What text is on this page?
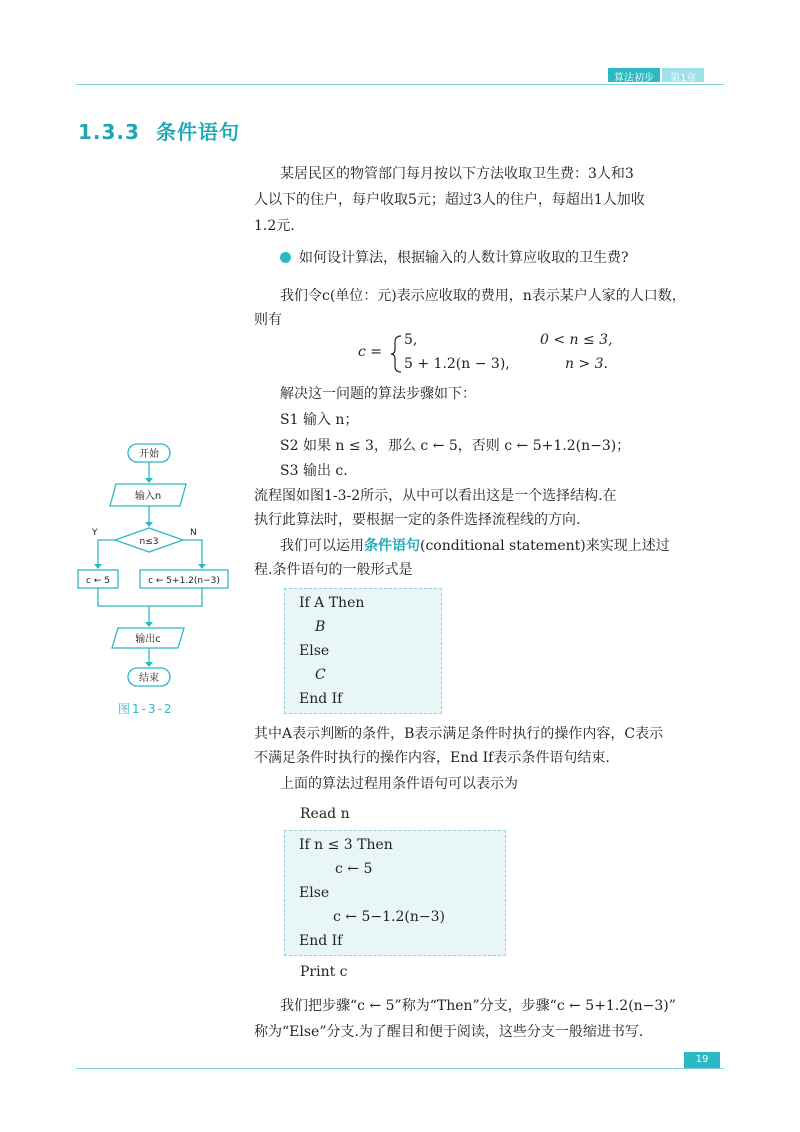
算法初步	第1章
1.3.3 条件语句
某居民区的物管部门每月按以下方法收取卫生费：3人和3
人以下的住户，每户收取5元；超过3人的住户，每超出1人加收
1.2元.
如何设计算法，根据输入的人数计算应收取的卫生费?
我们令c(单位：元)表示应收取的费用，n表示某户人家的人口数，
则有
c =
5,	0 < n ≤ 3,
5 + 1.2(n − 3),	n > 3.
解决这一问题的算法步骤如下：
S1 输入 n；
S2 如果 n ≤ 3，那么 c ← 5，否则 c ← 5+1.2(n−3)；
S3 输出 c.
流程图如图1-3-2所示，从中可以看出这是一个选择结构.在
执行此算法时，要根据一定的条件选择流程线的方向.
我们可以运用条件语句(conditional statement)来实现上述过
程.条件语句的一般形式是
If A Then
B
Else
C
End If
其中A表示判断的条件，B表示满足条件时执行的操作内容，C表示
不满足条件时执行的操作内容，End If表示条件语句结束.
上面的算法过程用条件语句可以表示为
Read n
If n ≤ 3 Then
c ← 5
Else
c ← 5−1.2(n−3)
End If
Print c
我们把步骤“c ← 5”称为“Then”分支，步骤“c ← 5+1.2(n−3)”
称为“Else”分支.为了醒目和便于阅读，这些分支一般缩进书写.
开始
输入n
n≤3
Y	N
c ← 5	c ← 5+1.2(n−3)
输出c
结束
图1-3-2
19
